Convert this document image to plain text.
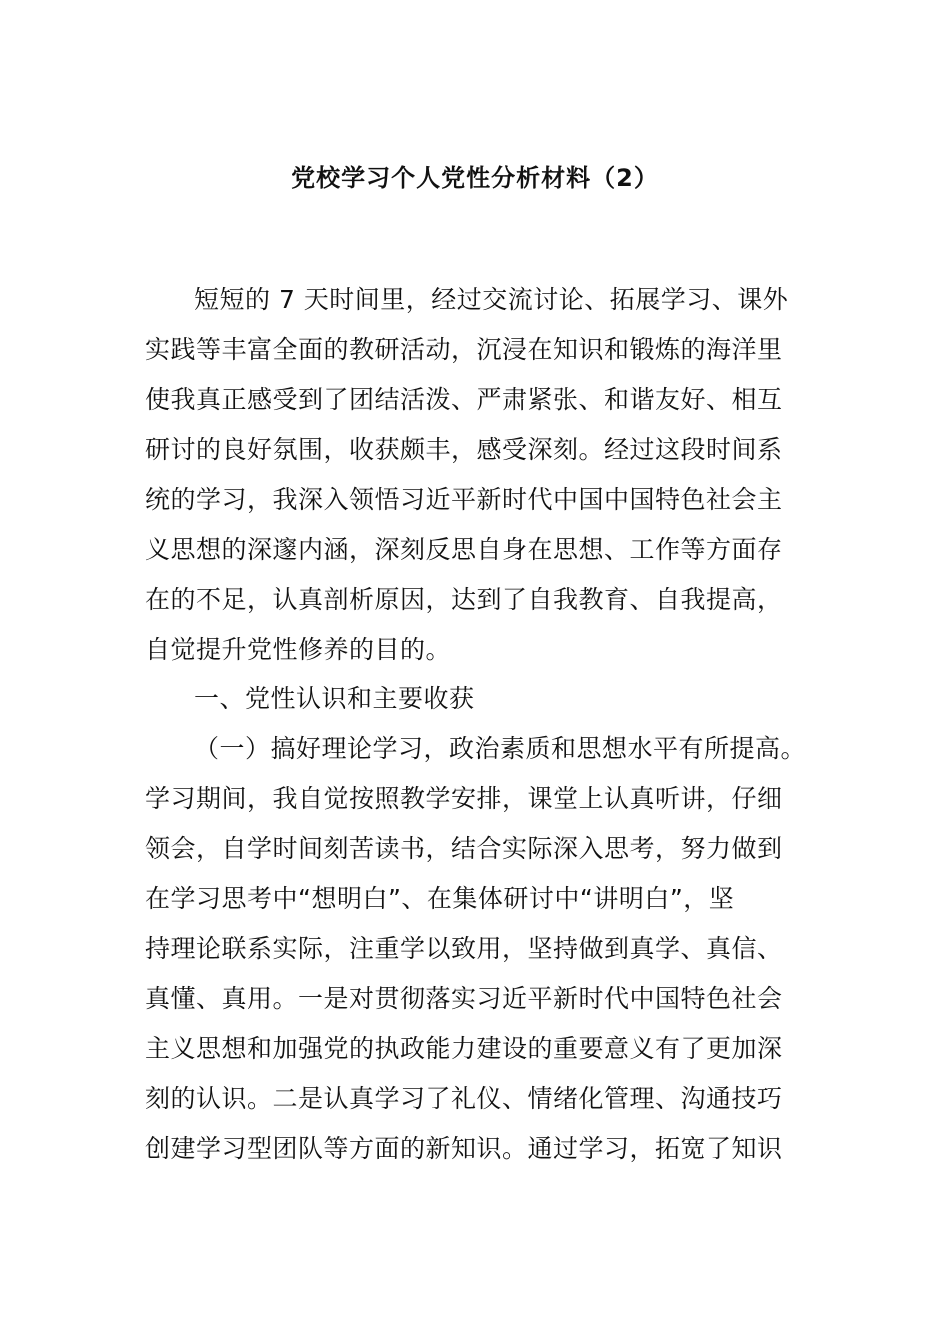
党校学习个人党性分析材料（2）
短短的 7 天时间里，经过交流讨论、拓展学习、课外
实践等丰富全面的教研活动，沉浸在知识和锻炼的海洋里
使我真正感受到了团结活泼、严肃紧张、和谐友好、相互
研讨的良好氛围，收获颇丰，感受深刻。经过这段时间系
统的学习，我深入领悟习近平新时代中国中国特色社会主
义思想的深邃内涵，深刻反思自身在思想、工作等方面存
在的不足，认真剖析原因，达到了自我教育、自我提高，
自觉提升党性修养的目的。
一、党性认识和主要收获
（一）搞好理论学习，政治素质和思想水平有所提高。
学习期间，我自觉按照教学安排，课堂上认真听讲，仔细
领会，自学时间刻苦读书，结合实际深入思考，努力做到
在学习思考中“想明白”、在集体研讨中“讲明白”，坚
持理论联系实际，注重学以致用，坚持做到真学、真信、
真懂、真用。一是对贯彻落实习近平新时代中国特色社会
主义思想和加强党的执政能力建设的重要意义有了更加深
刻的认识。二是认真学习了礼仪、情绪化管理、沟通技巧
创建学习型团队等方面的新知识。通过学习，拓宽了知识
